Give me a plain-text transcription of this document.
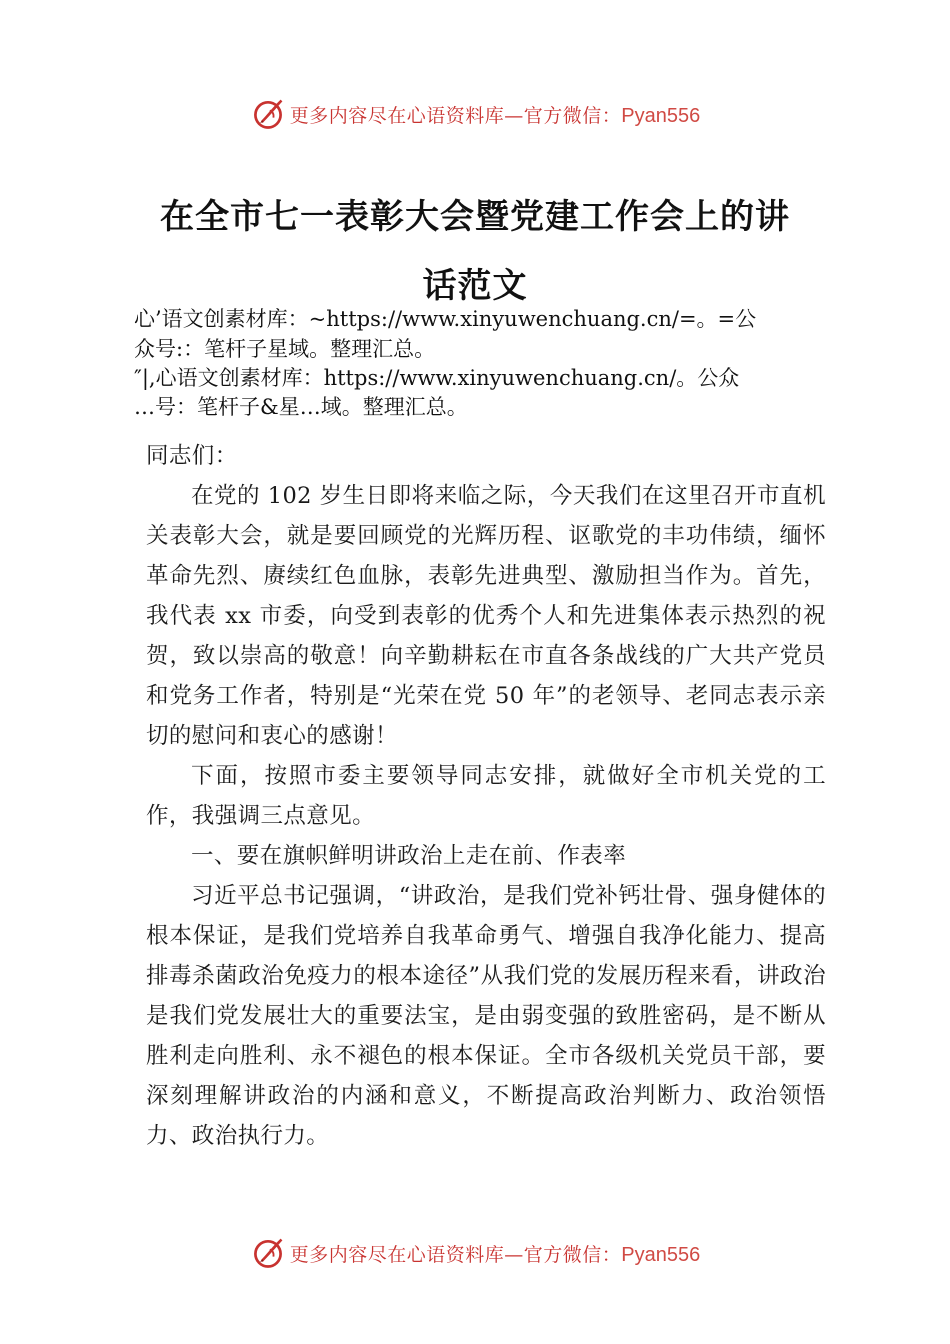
更多内容尽在心语资料库—官方微信：Pyan556
在全市七一表彰大会暨党建工作会上的讲
话范文

心’语文创素材库：~https://www.xinyuwenchuang.cn/=。=公

众号:：笔杆子星域。整理汇总。

″|,心语文创素材库：https://www.xinyuwenchuang.cn/。公众

…号：笔杆子&星…域。整理汇总。

同志们：

在党的 102 岁生日即将来临之际，今天我们在这里召开市直机关表彰大会，就是要回顾党的光辉历程、讴歌党的丰功伟绩，缅怀革命先烈、赓续红色血脉，表彰先进典型、激励担当作为。首先，我代表 xx 市委，向受到表彰的优秀个人和先进集体表示热烈的祝贺，致以崇高的敬意！向辛勤耕耘在市直各条战线的广大共产党员和党务工作者，特别是“光荣在党 50 年”的老领导、老同志表示亲切的慰问和衷心的感谢！

下面，按照市委主要领导同志安排，就做好全市机关党的工作，我强调三点意见。

一、要在旗帜鲜明讲政治上走在前、作表率

习近平总书记强调，“讲政治，是我们党补钙壮骨、强身健体的根本保证，是我们党培养自我革命勇气、增强自我净化能力、提高排毒杀菌政治免疫力的根本途径”从我们党的发展历程来看，讲政治是我们党发展壮大的重要法宝，是由弱变强的致胜密码，是不断从胜利走向胜利、永不褪色的根本保证。全市各级机关党员干部，要深刻理解讲政治的内涵和意义，不断提高政治判断力、政治领悟力、政治执行力。

更多内容尽在心语资料库—官方微信：Pyan556
